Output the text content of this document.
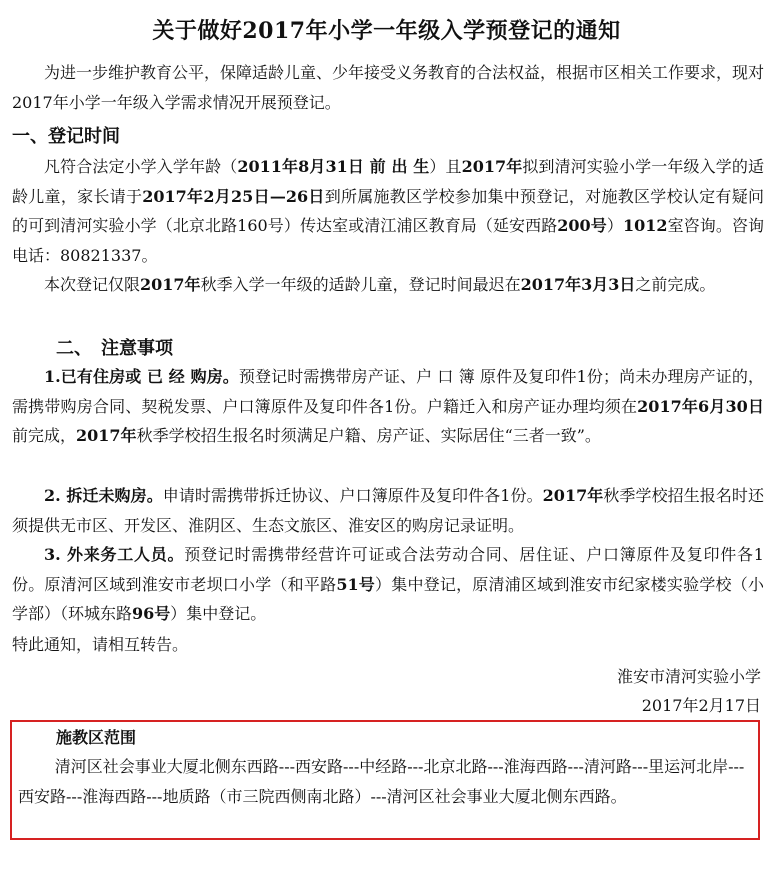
关于做好2017年小学一年级入学预登记的通知

为进一步维护教育公平，保障适龄儿童、少年接受义务教育的合法权益，根据市区相关工作要求，现对2017年小学一年级入学需求情况开展预登记。

一、登记时间

凡符合法定小学入学年龄（2011年8月31日 前 出 生）且2017年拟到清河实验小学一年级入学的适龄儿童，家长请于2017年2月25日—26日到所属施教区学校参加集中预登记，对施教区学校认定有疑问的可到清河实验小学（北京北路160号）传达室或清江浦区教育局（延安西路200号）1012室咨询。咨询电话：80821337。

本次登记仅限2017年秋季入学一年级的适龄儿童，登记时间最迟在2017年3月3日之前完成。

二、　注意事项

1.已有住房或 已 经 购房。预登记时需携带房产证、户 口 簿 原件及复印件1份；尚未办理房产证的，需携带购房合同、契税发票、户口簿原件及复印件各1份。户籍迁入和房产证办理均须在2017年6月30日前完成，2017年秋季学校招生报名时须满足户籍、房产证、实际居住“三者一致”。

2. 拆迁未购房。申请时需携带拆迁协议、户口簿原件及复印件各1份。2017年秋季学校招生报名时还须提供无市区、开发区、淮阴区、生态文旅区、淮安区的购房记录证明。

3. 外来务工人员。预登记时需携带经营许可证或合法劳动合同、居住证、户口簿原件及复印件各1份。原清河区域到淮安市老坝口小学（和平路51号）集中登记，原清浦区域到淮安市纪家楼实验学校（小学部）（环城东路96号）集中登记。

特此通知，请相互转告。

淮安市清河实验小学
2017年2月17日
施教区范围

清河区社会事业大厦北侧东西路---西安路---中经路---北京北路---淮海西路---清河路---里运河北岸---西安路---淮海西路---地质路（市三院西侧南北路）---清河区社会事业大厦北侧东西路。
